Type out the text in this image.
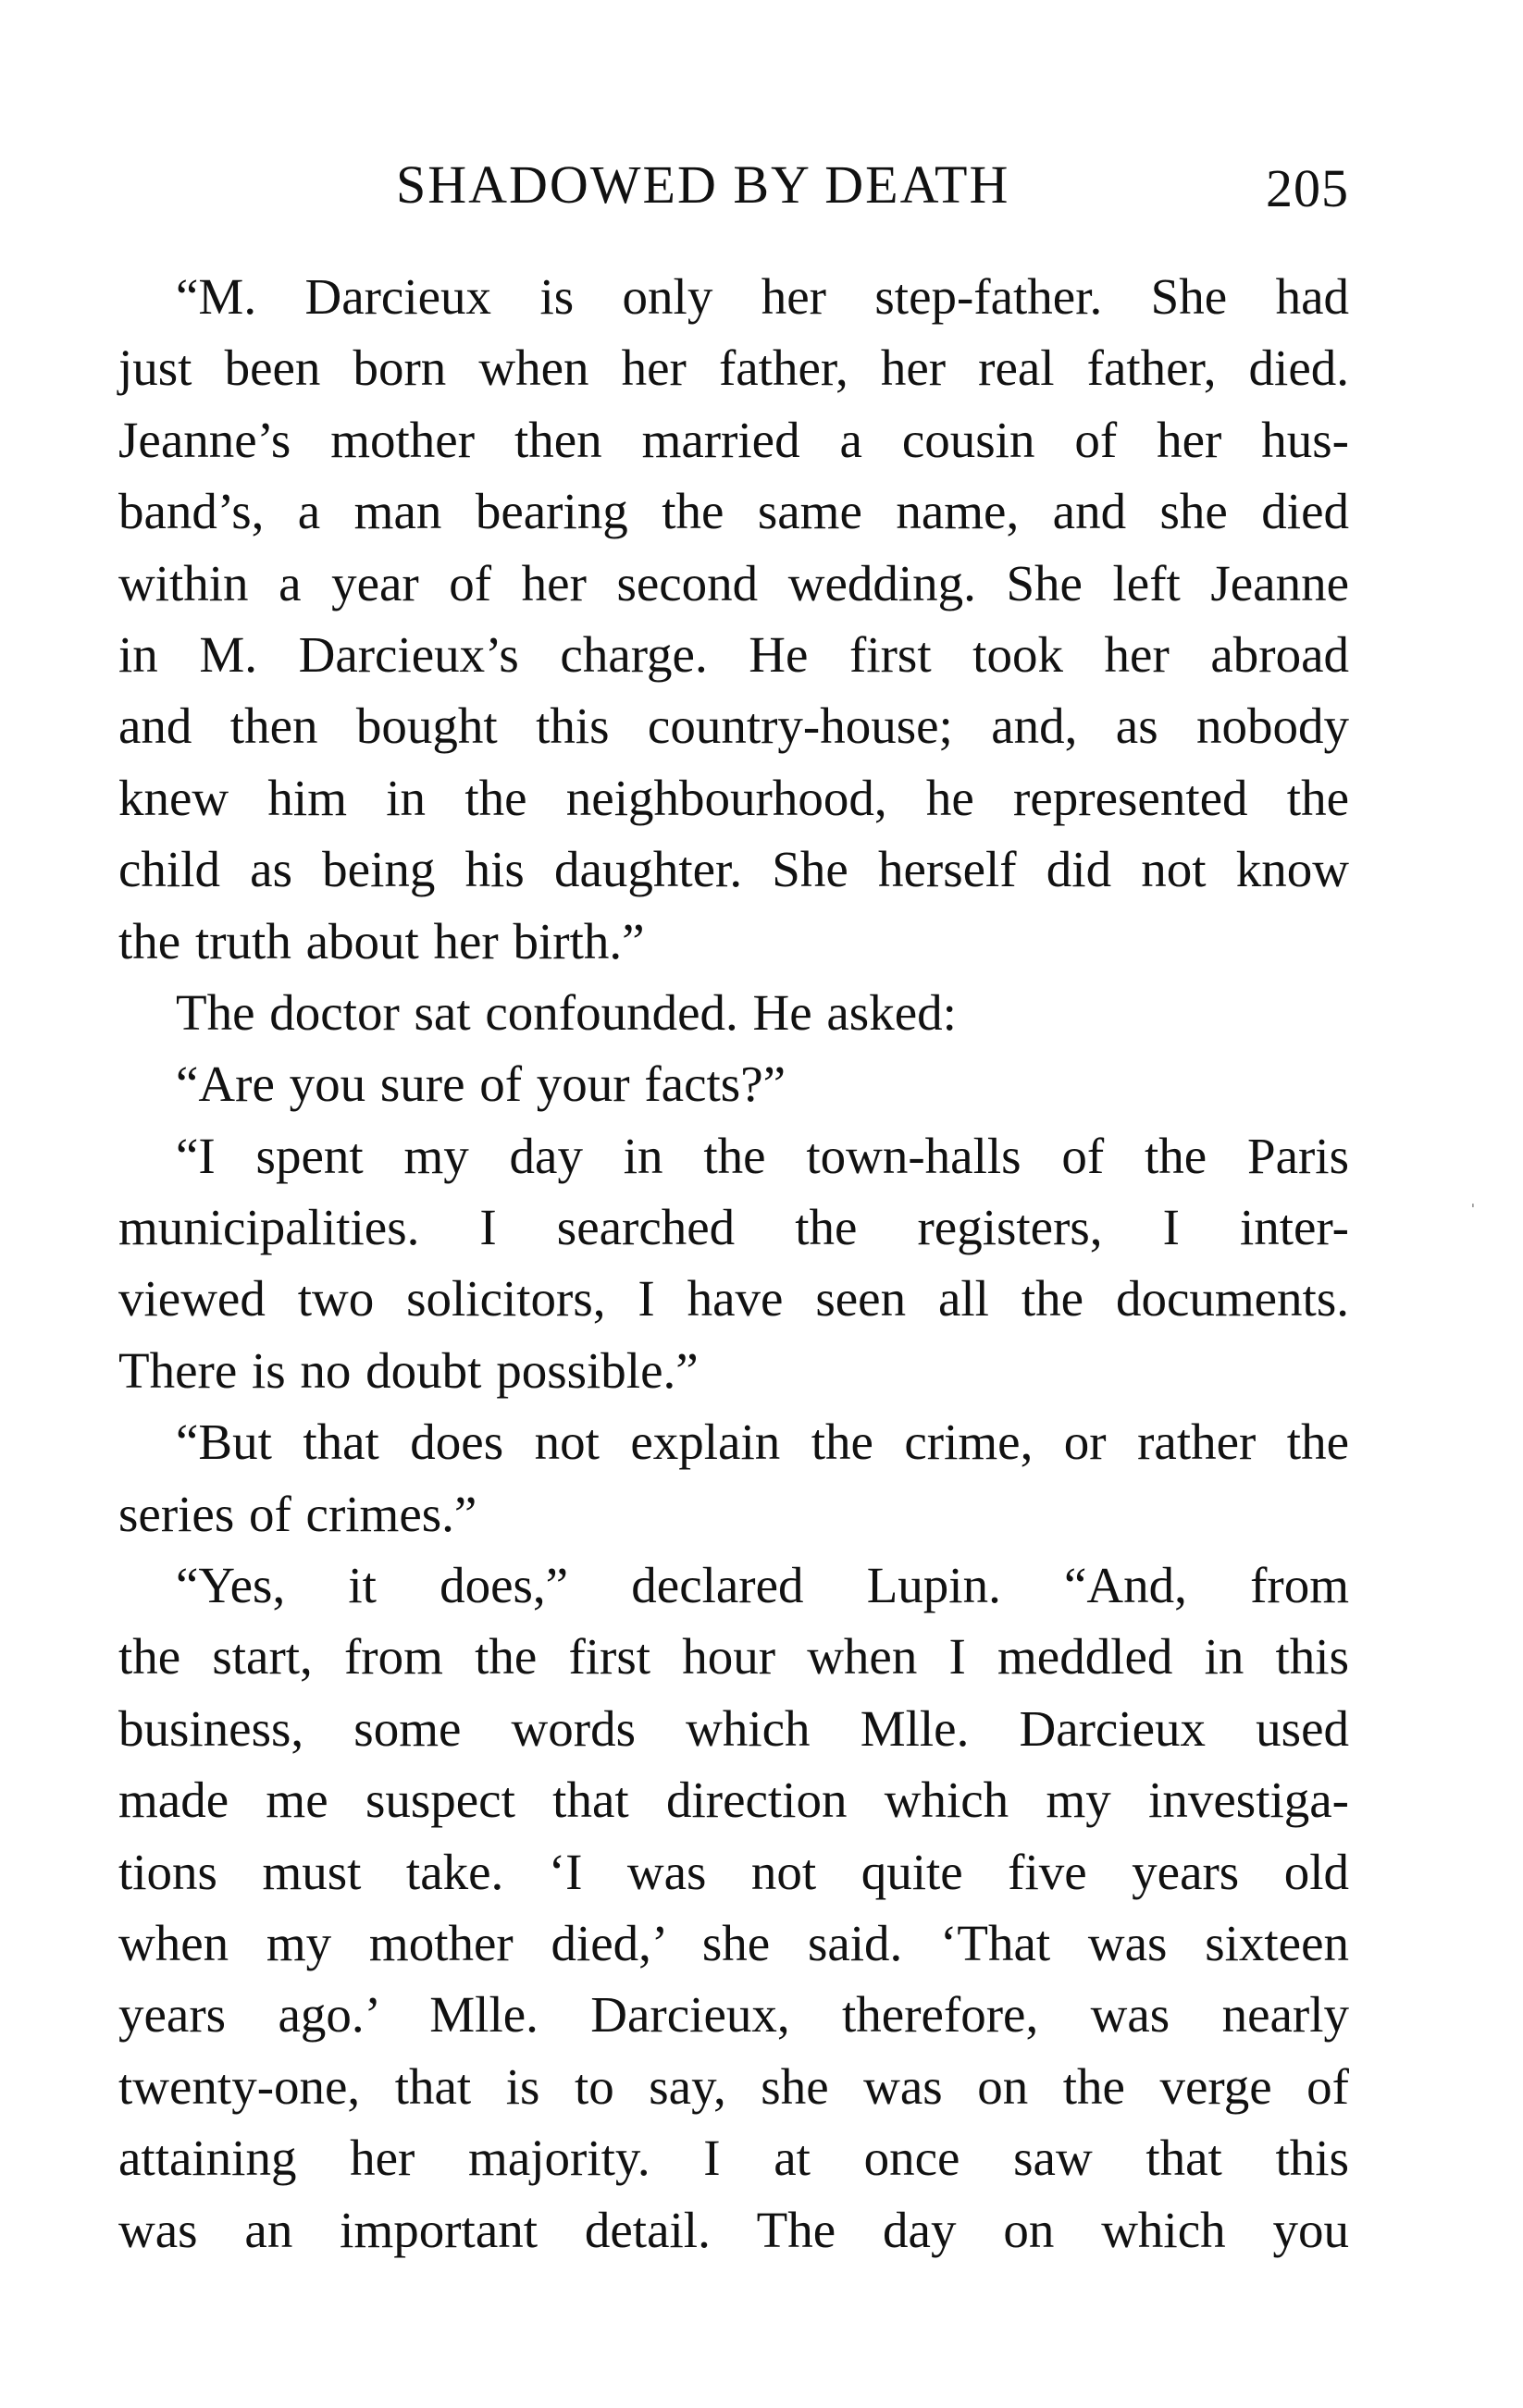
SHADOWED BY DEATH	205
“M. Darcieux is only her step-father. She had
just been born when her father, her real father, died.
Jeanne’s mother then married a cousin of her hus-
band’s, a man bearing the same name, and she died
within a year of her second wedding. She left Jeanne
in M. Darcieux’s charge. He first took her abroad
and then bought this country-house; and, as nobody
knew him in the neighbourhood, he represented the
child as being his daughter. She herself did not know
the truth about her birth.”
The doctor sat confounded. He asked:
“Are you sure of your facts?”
“I spent my day in the town-halls of the Paris
municipalities. I searched the registers, I inter-
viewed two solicitors, I have seen all the documents.
There is no doubt possible.”
“But that does not explain the crime, or rather the
series of crimes.”
“Yes, it does,” declared Lupin. “And, from
the start, from the first hour when I meddled in this
business, some words which Mlle. Darcieux used
made me suspect that direction which my investiga-
tions must take. ‘I was not quite five years old
when my mother died,’ she said. ‘That was sixteen
years ago.’ Mlle. Darcieux, therefore, was nearly
twenty-one, that is to say, she was on the verge of
attaining her majority. I at once saw that this
was an important detail. The day on which you
ˈ
